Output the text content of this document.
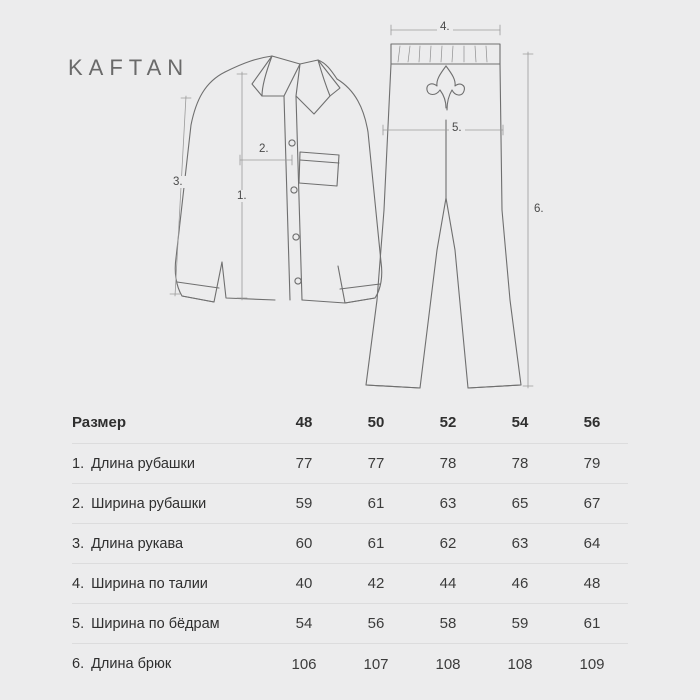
KAFTAN
1.
2.
3.
4.
5.
6.
Размер	48	50	52	54	56
1. Длина рубашки	77	77	78	78	79
2. Ширина рубашки	59	61	63	65	67
3. Длина рукава	60	61	62	63	64
4. Ширина по талии	40	42	44	46	48
5. Ширина по бёдрам	54	56	58	59	61
6. Длина брюк	106	107	108	108	109
